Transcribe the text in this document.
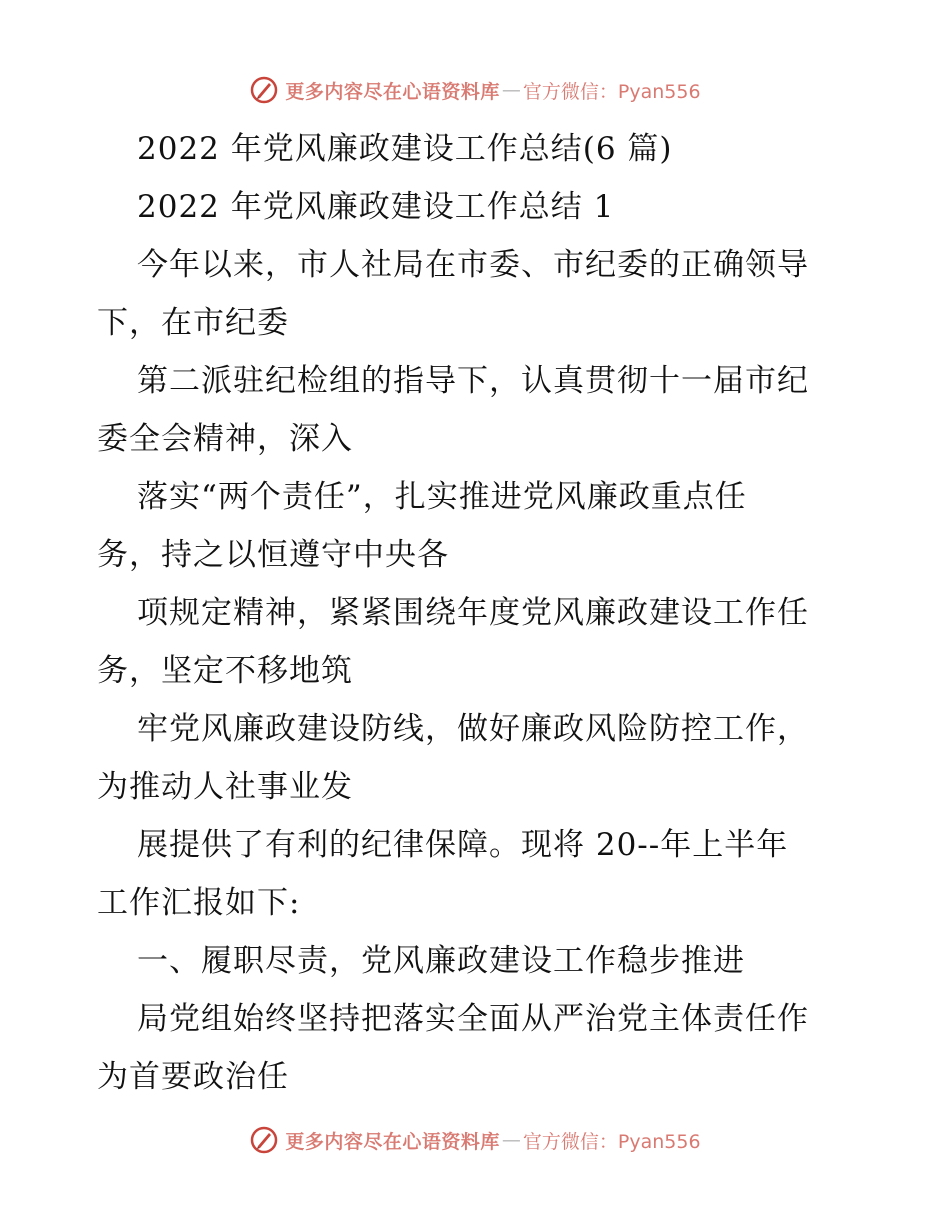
更多内容尽在心语资料库 — 官方微信：Pyan556
2022 年党风廉政建设工作总结(6 篇)
2022 年党风廉政建设工作总结 1
今年以来，市人社局在市委、市纪委的正确领导
下，在市纪委
第二派驻纪检组的指导下，认真贯彻十一届市纪
委全会精神，深入
落实“两个责任”，扎实推进党风廉政重点任
务，持之以恒遵守中央各
项规定精神，紧紧围绕年度党风廉政建设工作任
务，坚定不移地筑
牢党风廉政建设防线，做好廉政风险防控工作，
为推动人社事业发
展提供了有利的纪律保障。现将 20--年上半年
工作汇报如下:
一、履职尽责，党风廉政建设工作稳步推进
局党组始终坚持把落实全面从严治党主体责任作
为首要政治任
更多内容尽在心语资料库 — 官方微信：Pyan556
